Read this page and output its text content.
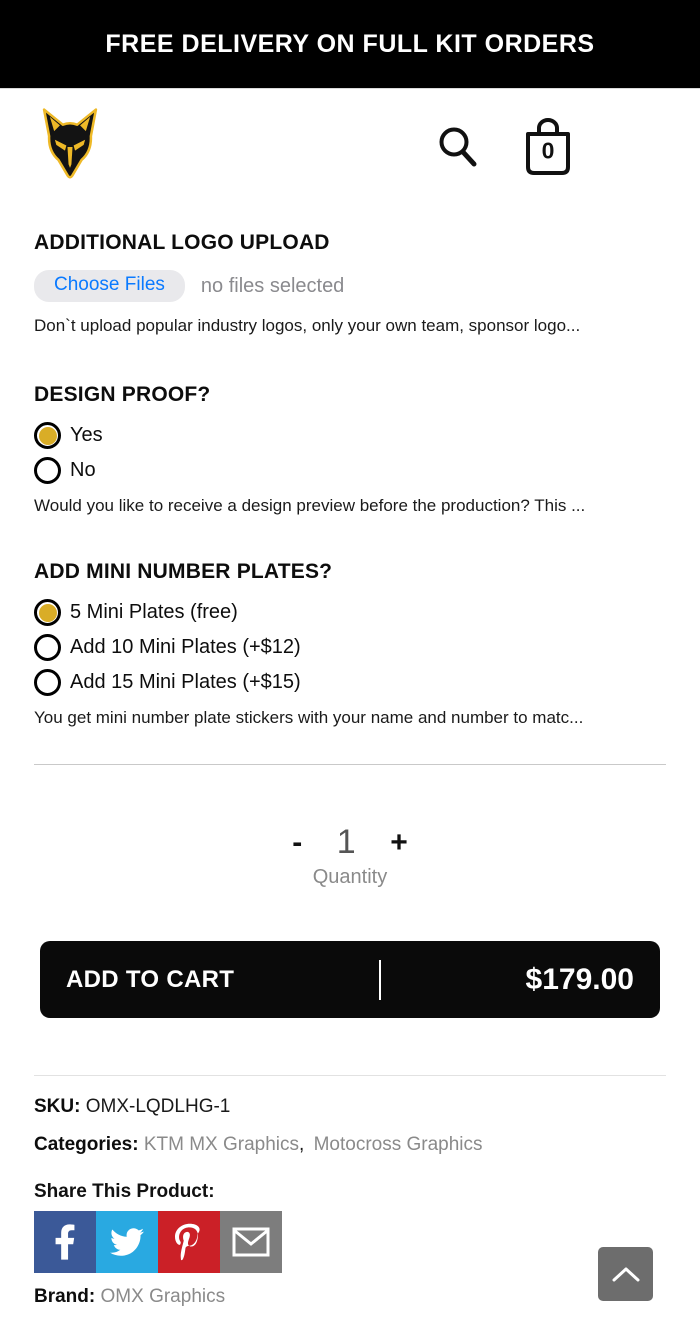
FREE DELIVERY ON FULL KIT ORDERS
0
ADDITIONAL LOGO UPLOAD
Choose Files	no files selected

Don`t upload popular industry logos, only your own team, sponsor logo...

DESIGN PROOF?
Yes
No

Would you like to receive a design preview before the production? This ...

ADD MINI NUMBER PLATES?
5 Mini Plates (free)
Add 10 Mini Plates (+$12)
Add 15 Mini Plates (+$15)

You get mini number plate stickers with your name and number to matc...

- 1 +
Quantity
ADD TO CART	$179.00
SKU: OMX-LQDLHG-1
Categories: KTM MX Graphics, Motocross Graphics
Share This Product:
Brand: OMX Graphics
